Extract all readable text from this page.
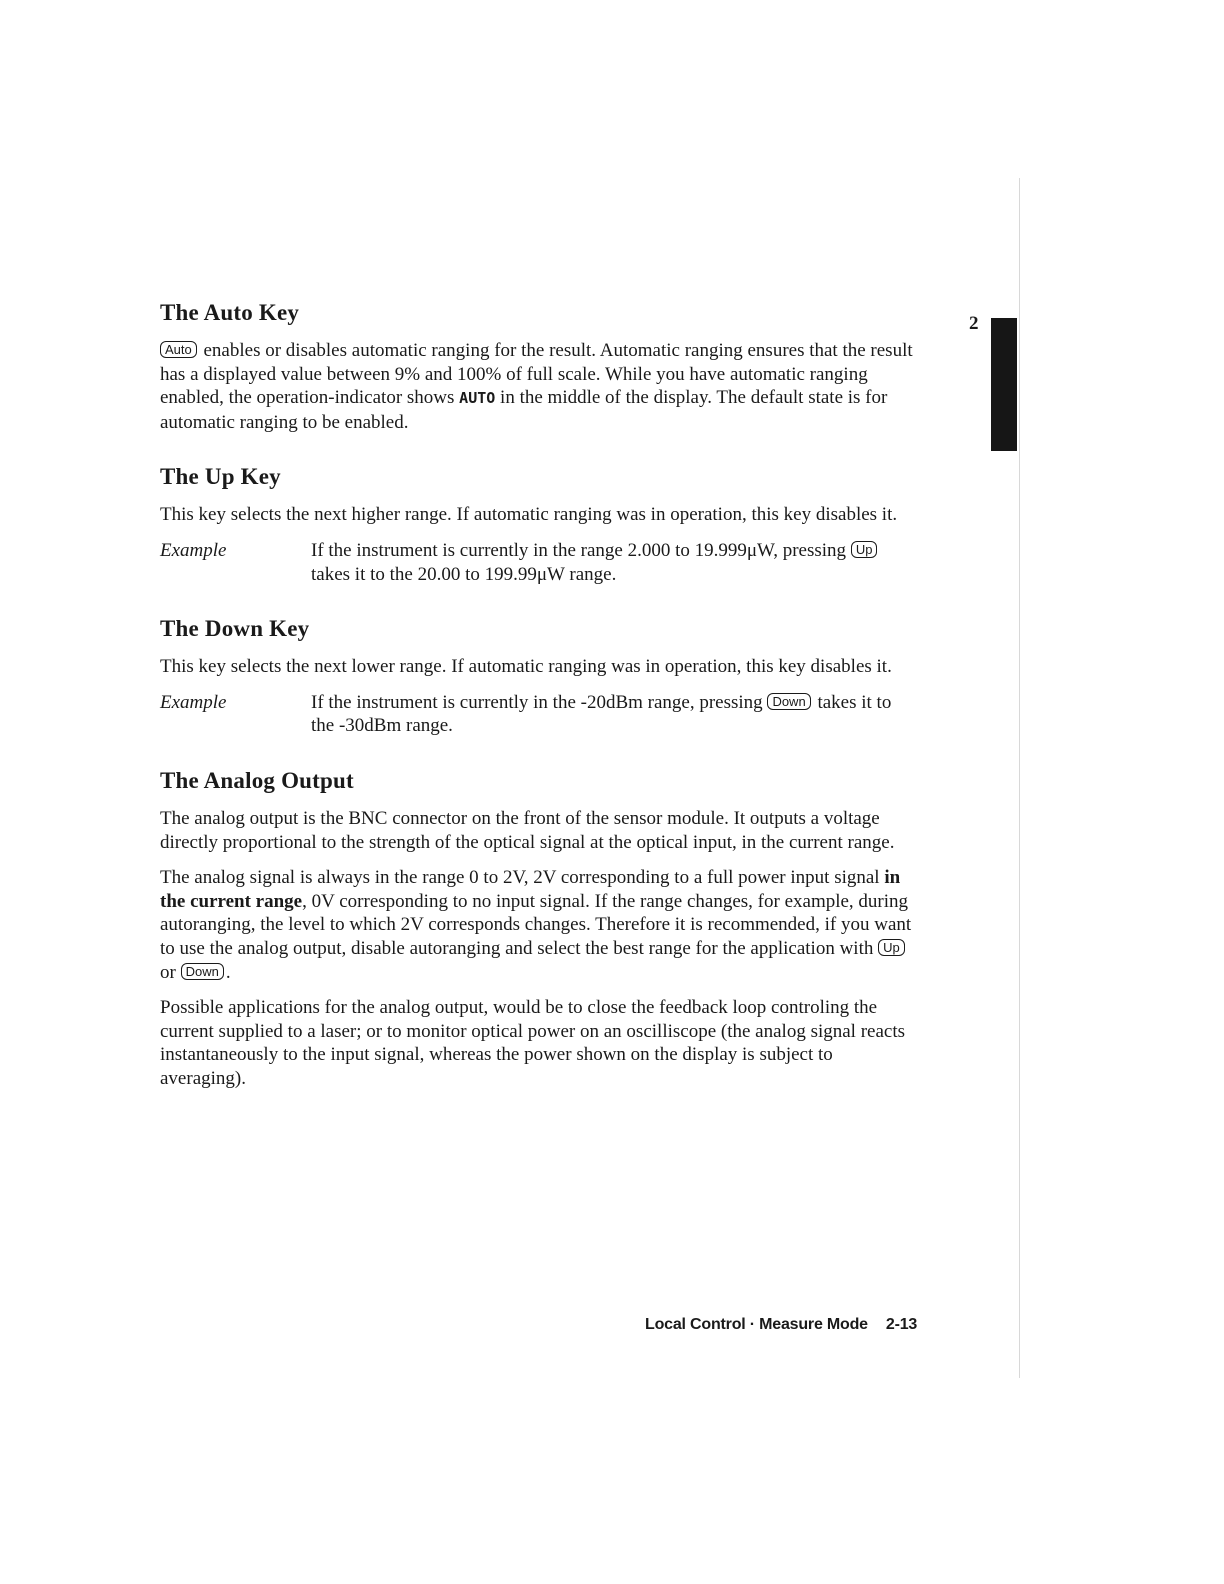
2
The Auto Key

Auto enables or disables automatic ranging for the result. Automatic ranging ensures that the result has a displayed value between 9% and 100% of full scale. While you have automatic ranging enabled, the operation-indicator shows AUTO in the middle of the display. The default state is for automatic ranging to be enabled.

The Up Key

This key selects the next higher range. If automatic ranging was in operation, this key disables it.

Example	If the instrument is currently in the range 2.000 to 19.999μW, pressing Up takes it to the 20.00 to 199.99μW range.
The Down Key

This key selects the next lower range. If automatic ranging was in operation, this key disables it.

Example	If the instrument is currently in the -20dBm range, pressing Down takes it to the -30dBm range.
The Analog Output

The analog output is the BNC connector on the front of the sensor module. It outputs a voltage directly proportional to the strength of the optical signal at the optical input, in the current range.

The analog signal is always in the range 0 to 2V, 2V corresponding to a full power input signal in the current range, 0V corresponding to no input signal. If the range changes, for example, during autoranging, the level to which 2V corresponds changes. Therefore it is recommended, if you want to use the analog output, disable autoranging and select the best range for the application with Up or Down .

Possible applications for the analog output, would be to close the feedback loop controling the current supplied to a laser; or to monitor optical power on an oscilliscope (the analog signal reacts instantaneously to the input signal, whereas the power shown on the display is subject to averaging).

Local Control · Measure Mode 2-13
